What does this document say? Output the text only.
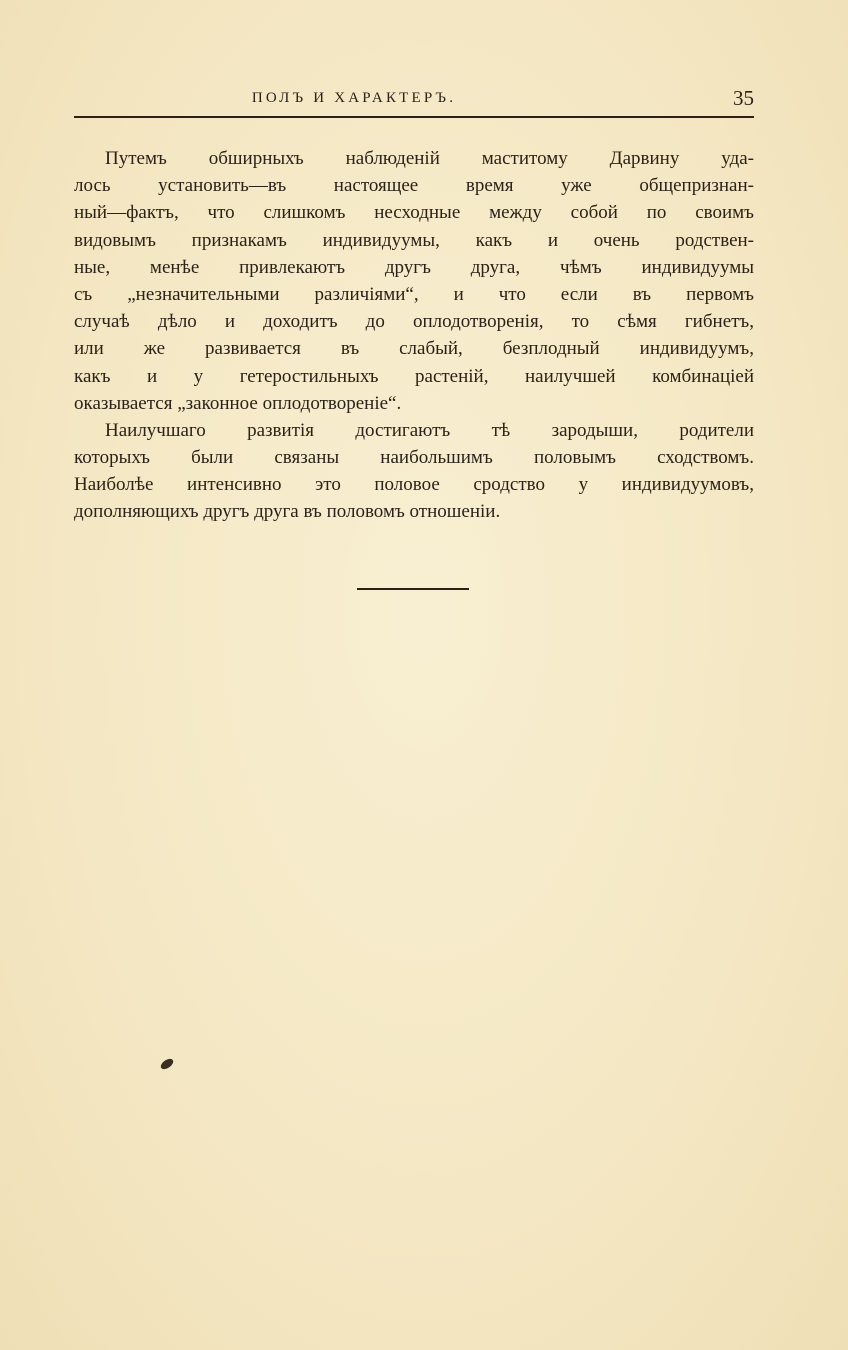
ПОЛЪ И ХАРАКТЕРЪ.	35
Путемъ обширныхъ наблюденій маститому Дарвину уда-
лось установить—въ настоящее время уже общепризнан-
ный—фактъ, что слишкомъ несходные между собой по своимъ
видовымъ признакамъ индивидуумы, какъ и очень родствен-
ные, менѣе привлекаютъ другъ друга, чѣмъ индивидуумы
съ „незначительными различіями“, и что если въ первомъ
случаѣ дѣло и доходитъ до оплодотворенія, то сѣмя гибнетъ,
или же развивается въ слабый, безплодный индивидуумъ,
какъ и у гетеростильныхъ растеній, наилучшей комбинаціей
оказывается „законное оплодотвореніе“.
Наилучшаго развитія достигаютъ тѣ зародыши, родители
которыхъ были связаны наибольшимъ половымъ сходствомъ.
Наиболѣе интенсивно это половое сродство у индивидуумовъ,
дополняющихъ другъ друга въ половомъ отношеніи.
